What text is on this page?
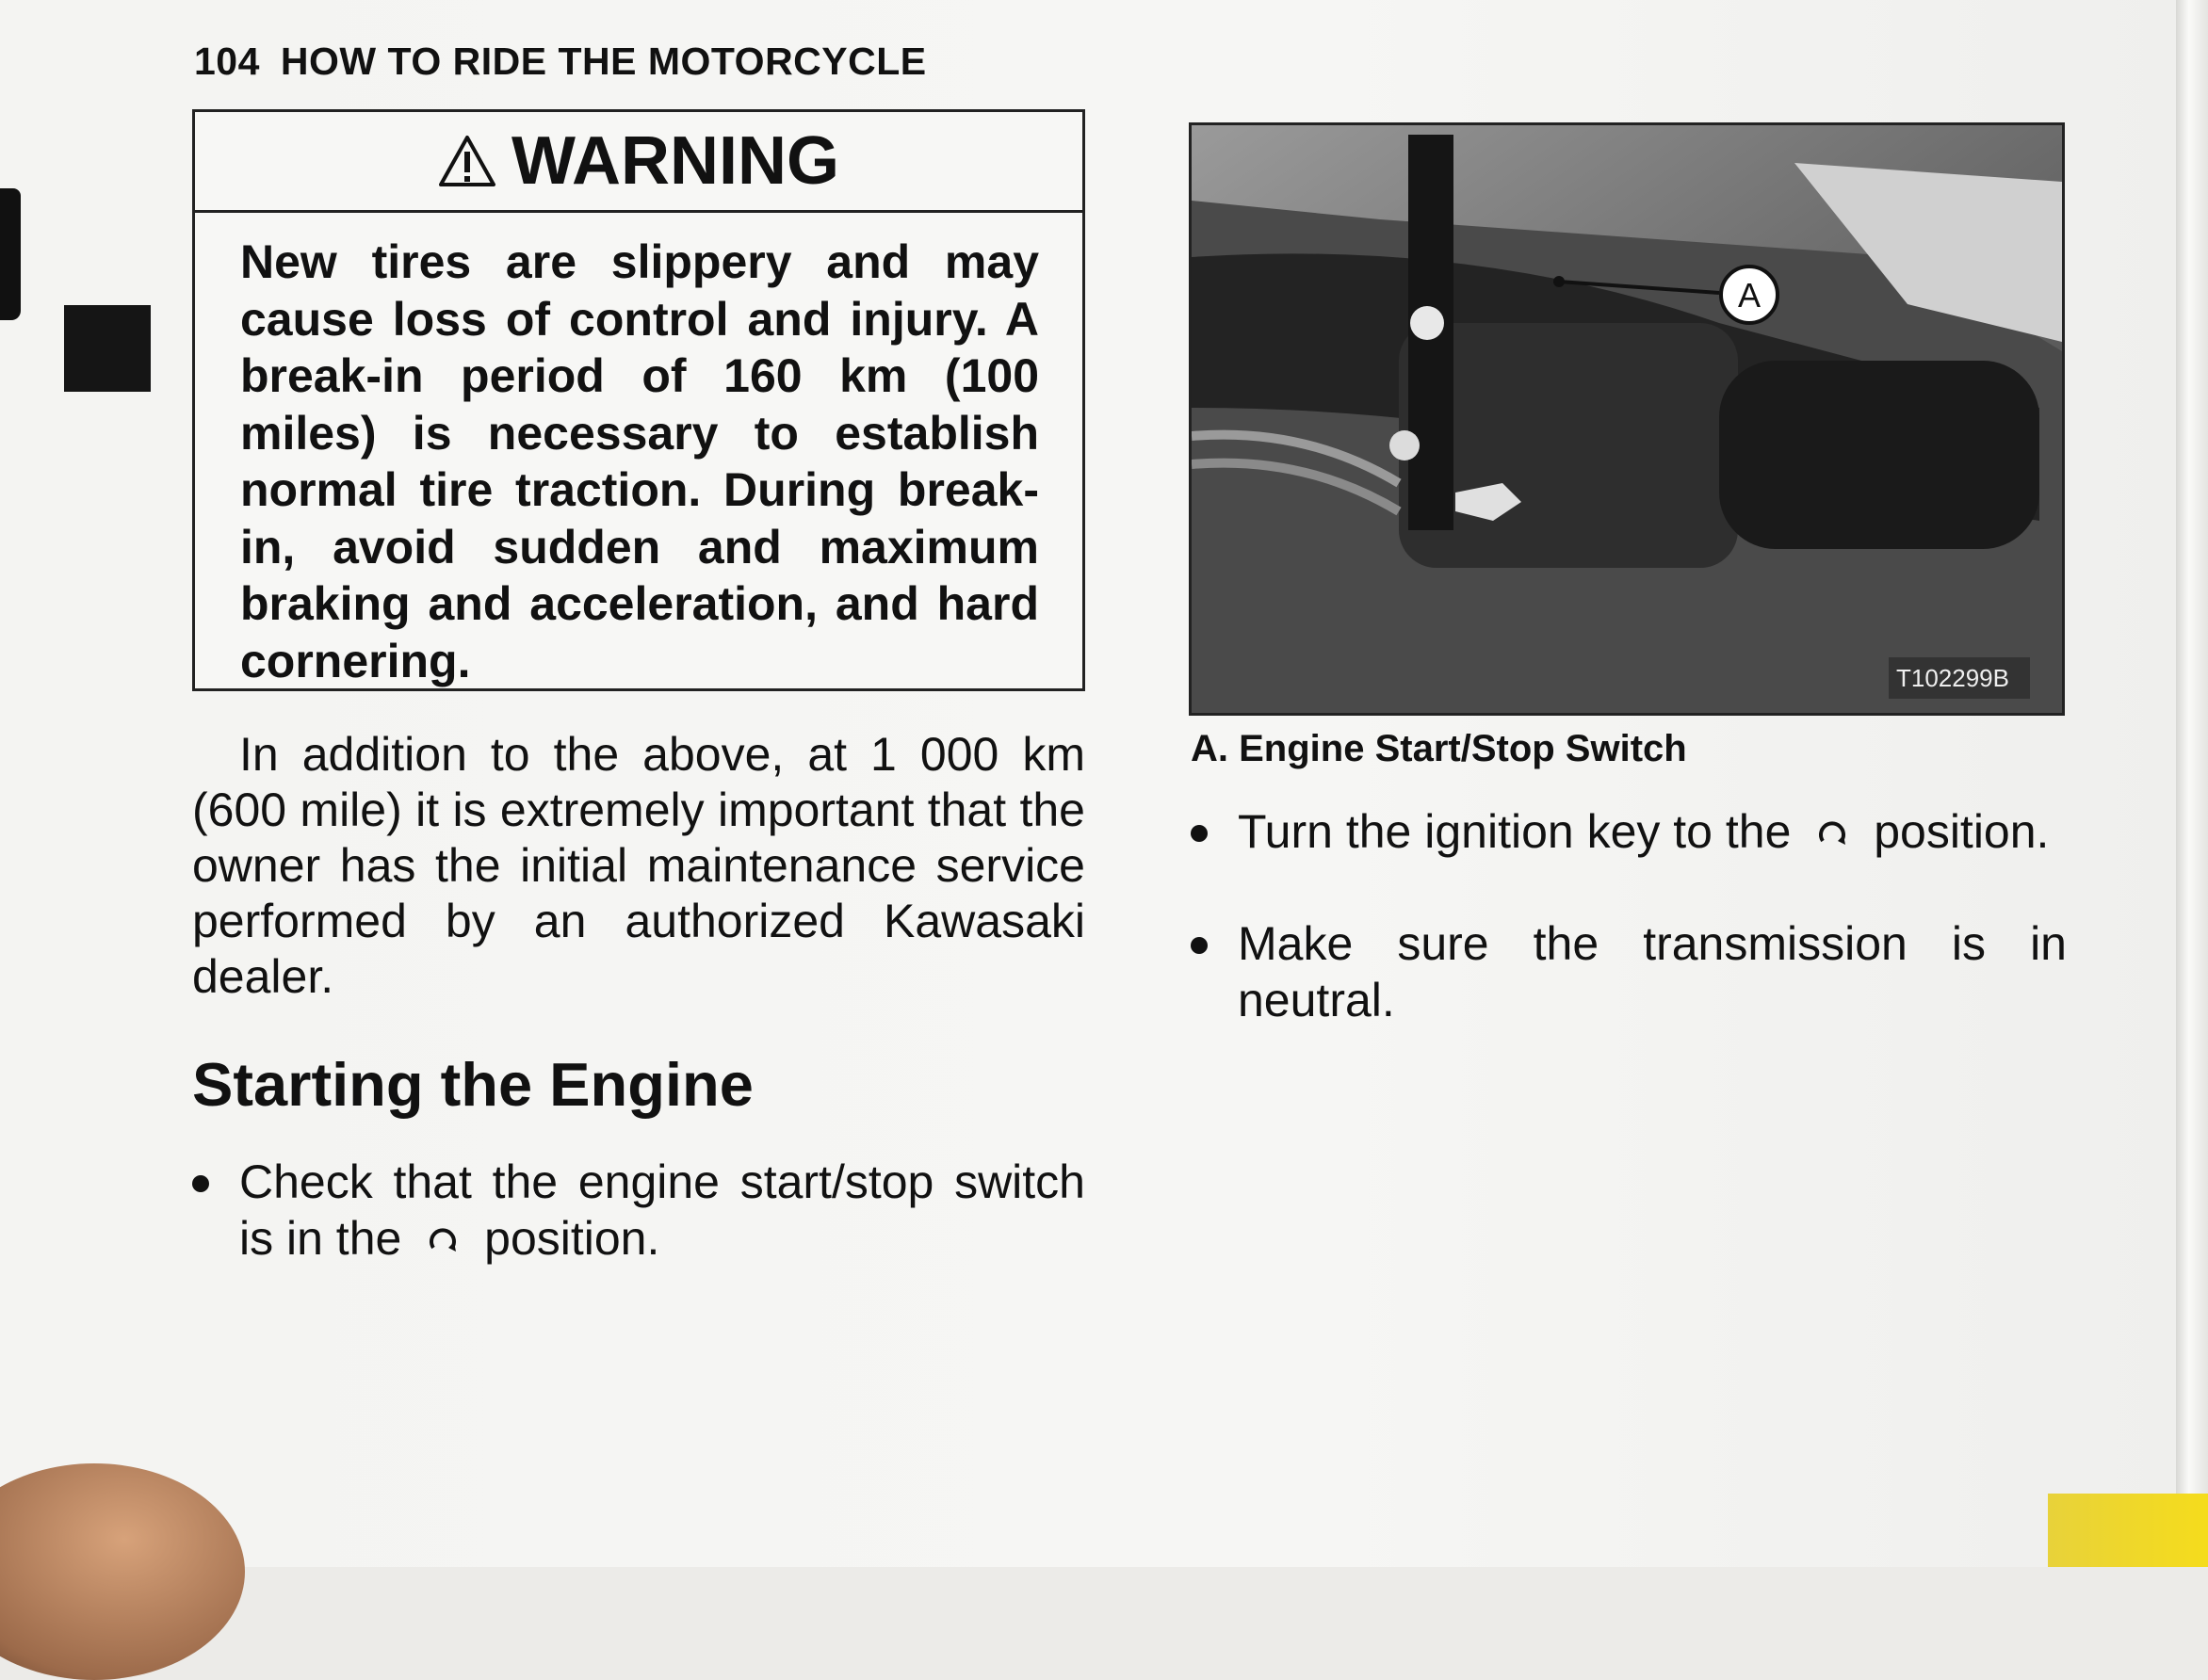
104 HOW TO RIDE THE MOTORCYCLE
WARNING
New tires are slippery and may cause loss of control and injury. A break-in period of 160 km (100 miles) is necessary to establish normal tire traction. During break-in, avoid sudden and maximum braking and acceleration, and hard cornering.
In addition to the above, at 1 000 km (600 mile) it is extremely important that the owner has the initial maintenance service performed by an authorized Kawasaki dealer.
Starting the Engine
Check that the engine start/stop switch is in the position.
A
T102299B
A. Engine Start/Stop Switch
Turn the ignition key to the position.
Make sure the transmission is in neutral.
